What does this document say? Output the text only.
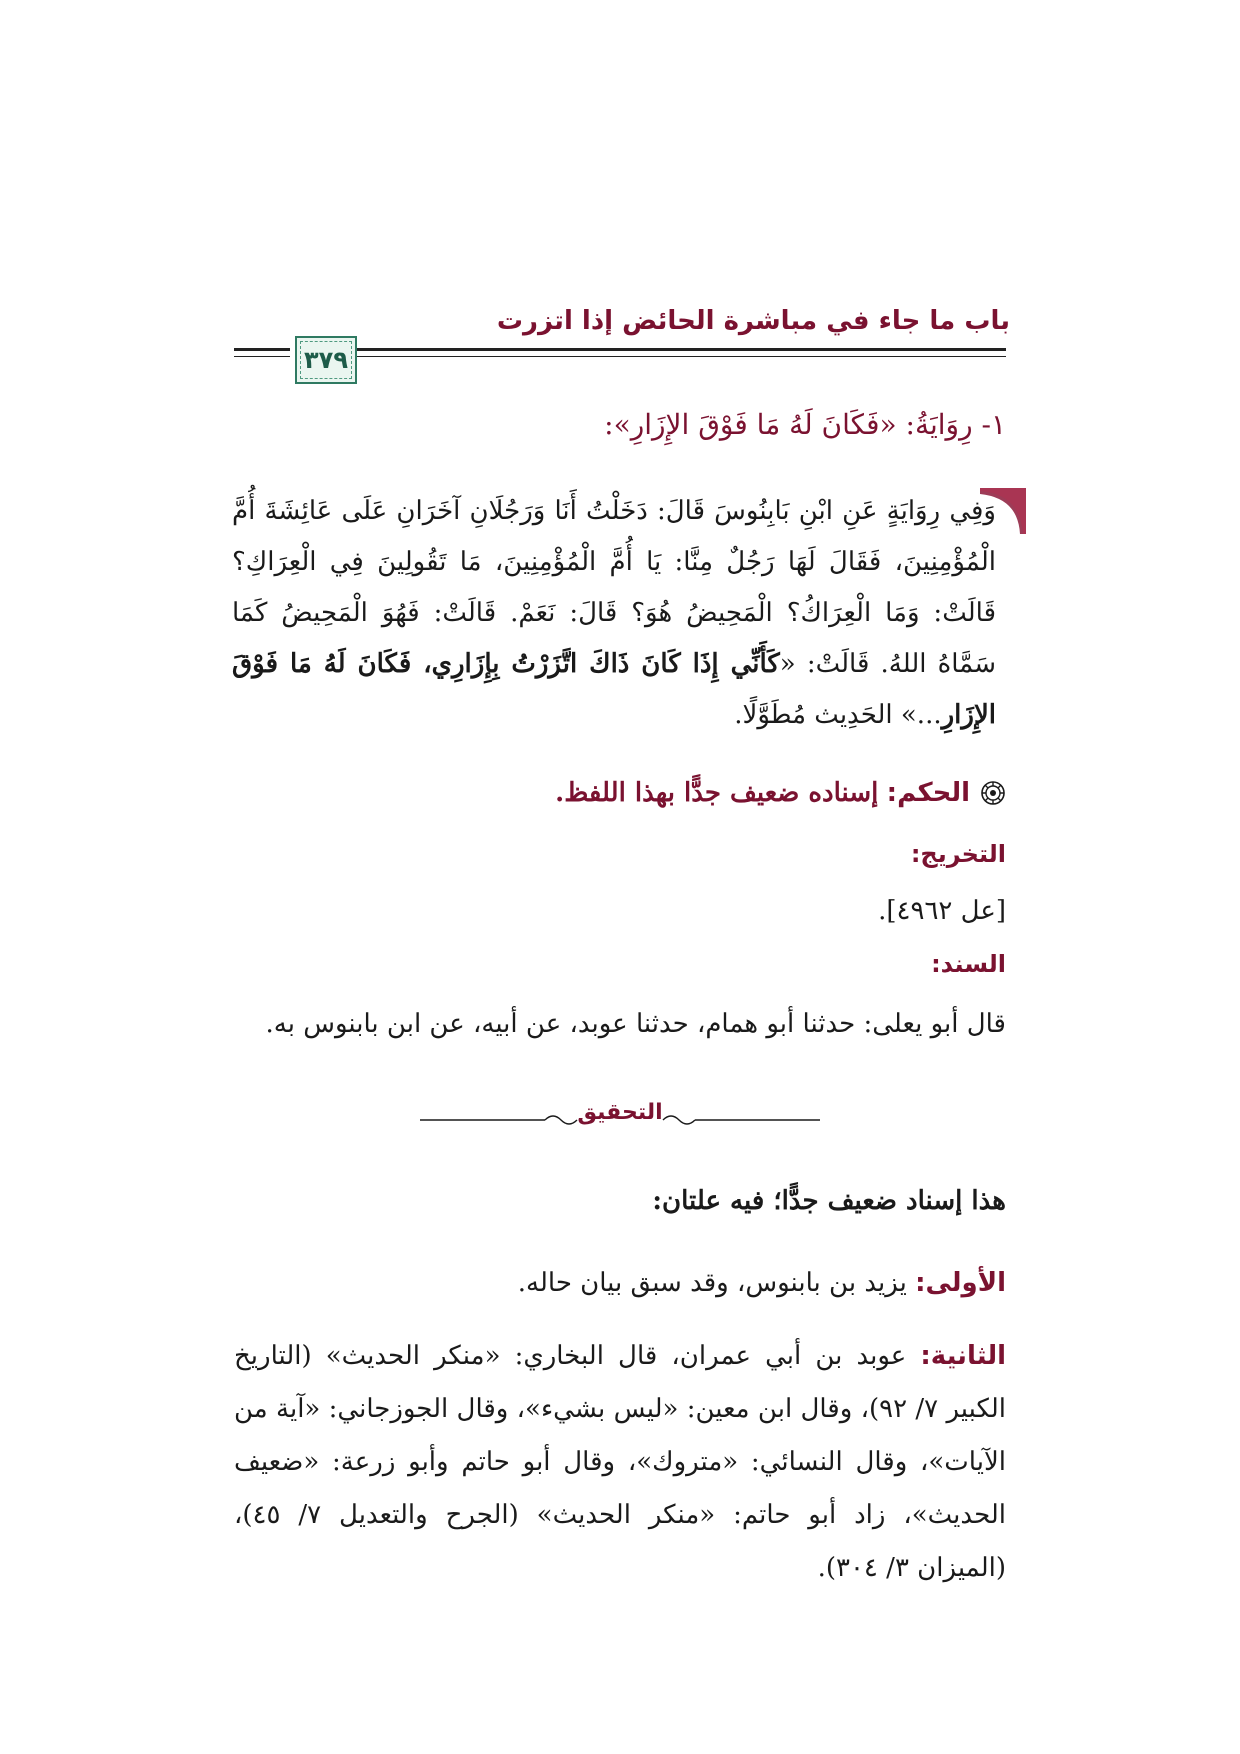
باب ما جاء في مباشرة الحائض إذا اتزرت
٣٧٩
١- رِوَايَةُ: «فَكَانَ لَهُ مَا فَوْقَ الإِزَارِ»:
وَفِي رِوَايَةٍ عَنِ ابْنِ بَابِنُوسَ قَالَ: دَخَلْتُ أَنَا وَرَجُلَانِ آخَرَانِ عَلَى عَائِشَةَ أُمَّ الْمُؤْمِنِينَ، فَقَالَ لَهَا رَجُلٌ مِنَّا: يَا أُمَّ الْمُؤْمِنِينَ، مَا تَقُولِينَ فِي الْعِرَاكِ؟ قَالَتْ: وَمَا الْعِرَاكُ؟ الْمَحِيضُ هُوَ؟ قَالَ: نَعَمْ. قَالَتْ: فَهُوَ الْمَحِيضُ كَمَا سَمَّاهُ اللهُ. قَالَتْ: «كَأَنِّي إِذَا كَانَ ذَاكَ اتَّزَرْتُ بِإِزَارِي، فَكَانَ لَهُ مَا فَوْقَ الإِزَارِ...» الحَدِيث مُطَوَّلًا.
الحكم: إسناده ضعيف جدًّا بهذا اللفظ.
التخريج:
[عل ٤٩٦٢].
السند:
قال أبو يعلى: حدثنا أبو همام، حدثنا عوبد، عن أبيه، عن ابن بابنوس به.
التحقيق
هذا إسناد ضعيف جدًّا؛ فيه علتان:
الأولى: يزيد بن بابنوس، وقد سبق بيان حاله.
الثانية: عوبد بن أبي عمران، قال البخاري: «منكر الحديث» (التاريخ الكبير ٧/ ٩٢)، وقال ابن معين: «ليس بشيء»، وقال الجوزجاني: «آية من الآيات»، وقال النسائي: «متروك»، وقال أبو حاتم وأبو زرعة: «ضعيف الحديث»، زاد أبو حاتم: «منكر الحديث» (الجرح والتعديل ٧/ ٤٥)، (الميزان ٣/ ٣٠٤).
